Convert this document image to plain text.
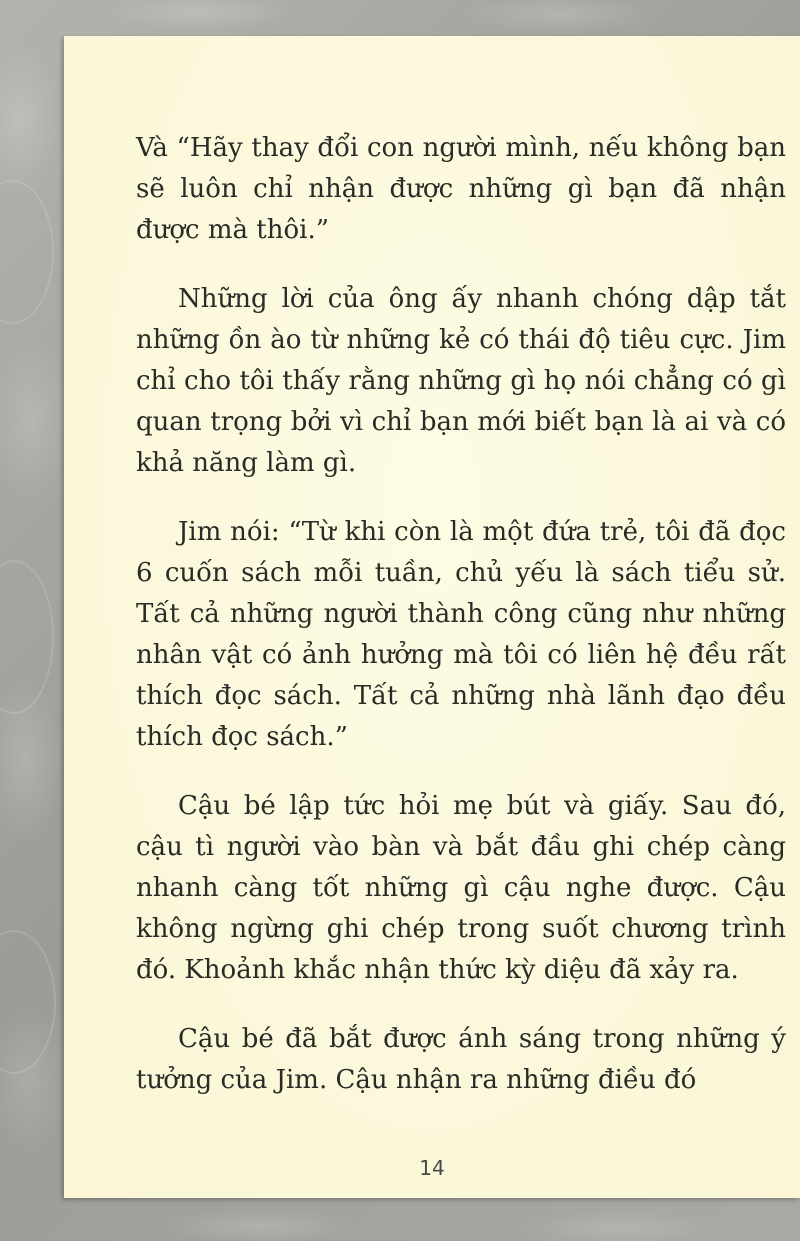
Và “Hãy thay đổi con người mình, nếu không bạn sẽ luôn chỉ nhận được những gì bạn đã nhận được mà thôi.”

Những lời của ông ấy nhanh chóng dập tắt những ồn ào từ những kẻ có thái độ tiêu cực. Jim chỉ cho tôi thấy rằng những gì họ nói chẳng có gì quan trọng bởi vì chỉ bạn mới biết bạn là ai và có khả năng làm gì.

Jim nói: “Từ khi còn là một đứa trẻ, tôi đã đọc 6 cuốn sách mỗi tuần, chủ yếu là sách tiểu sử. Tất cả những người thành công cũng như những nhân vật có ảnh hưởng mà tôi có liên hệ đều rất thích đọc sách. Tất cả những nhà lãnh đạo đều thích đọc sách.”

Cậu bé lập tức hỏi mẹ bút và giấy. Sau đó, cậu tì người vào bàn và bắt đầu ghi chép càng nhanh càng tốt những gì cậu nghe được. Cậu không ngừng ghi chép trong suốt chương trình đó. Khoảnh khắc nhận thức kỳ diệu đã xảy ra.

Cậu bé đã bắt được ánh sáng trong những ý tưởng của Jim. Cậu nhận ra những điều đó

14
